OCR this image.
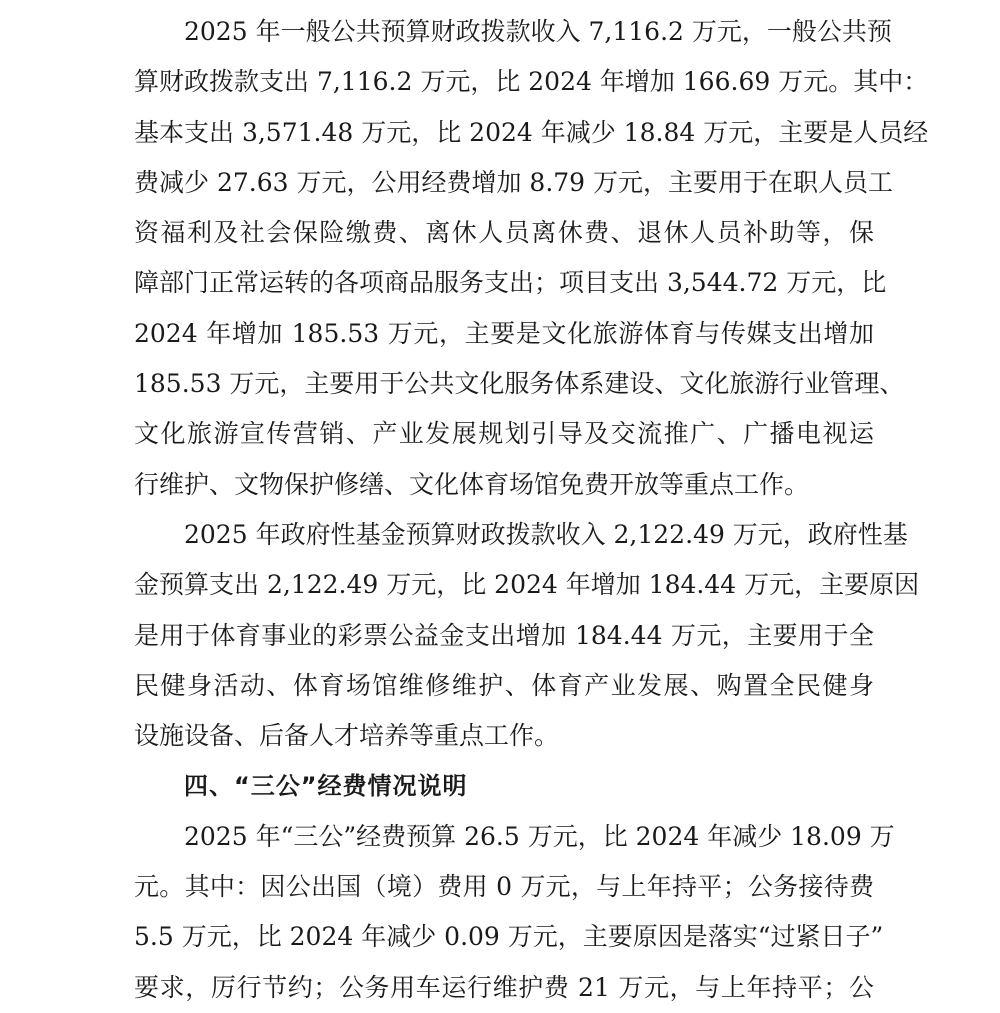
2025 年一般公共预算财政拨款收入 7,116.2 万元，一般公共预
算财政拨款支出 7,116.2 万元，比 2024 年增加 166.69 万元。其中：
基本支出 3,571.48 万元，比 2024 年减少 18.84 万元，主要是人员经
费减少 27.63 万元，公用经费增加 8.79 万元，主要用于在职人员工
资福利及社会保险缴费、离休人员离休费、退休人员补助等，保
障部门正常运转的各项商品服务支出；项目支出 3,544.72 万元，比
2024 年增加 185.53 万元，主要是文化旅游体育与传媒支出增加
185.53 万元，主要用于公共文化服务体系建设、文化旅游行业管理、
文化旅游宣传营销、产业发展规划引导及交流推广、广播电视运
行维护、文物保护修缮、文化体育场馆免费开放等重点工作。
2025 年政府性基金预算财政拨款收入 2,122.49 万元，政府性基
金预算支出 2,122.49 万元，比 2024 年增加 184.44 万元，主要原因
是用于体育事业的彩票公益金支出增加 184.44 万元，主要用于全
民健身活动、体育场馆维修维护、体育产业发展、购置全民健身
设施设备、后备人才培养等重点工作。
四、“三公”经费情况说明
2025 年“三公”经费预算 26.5 万元，比 2024 年减少 18.09 万
元。其中：因公出国（境）费用 0 万元，与上年持平；公务接待费
5.5 万元，比 2024 年减少 0.09 万元，主要原因是落实“过紧日子”
要求，厉行节约；公务用车运行维护费 21 万元，与上年持平；公
